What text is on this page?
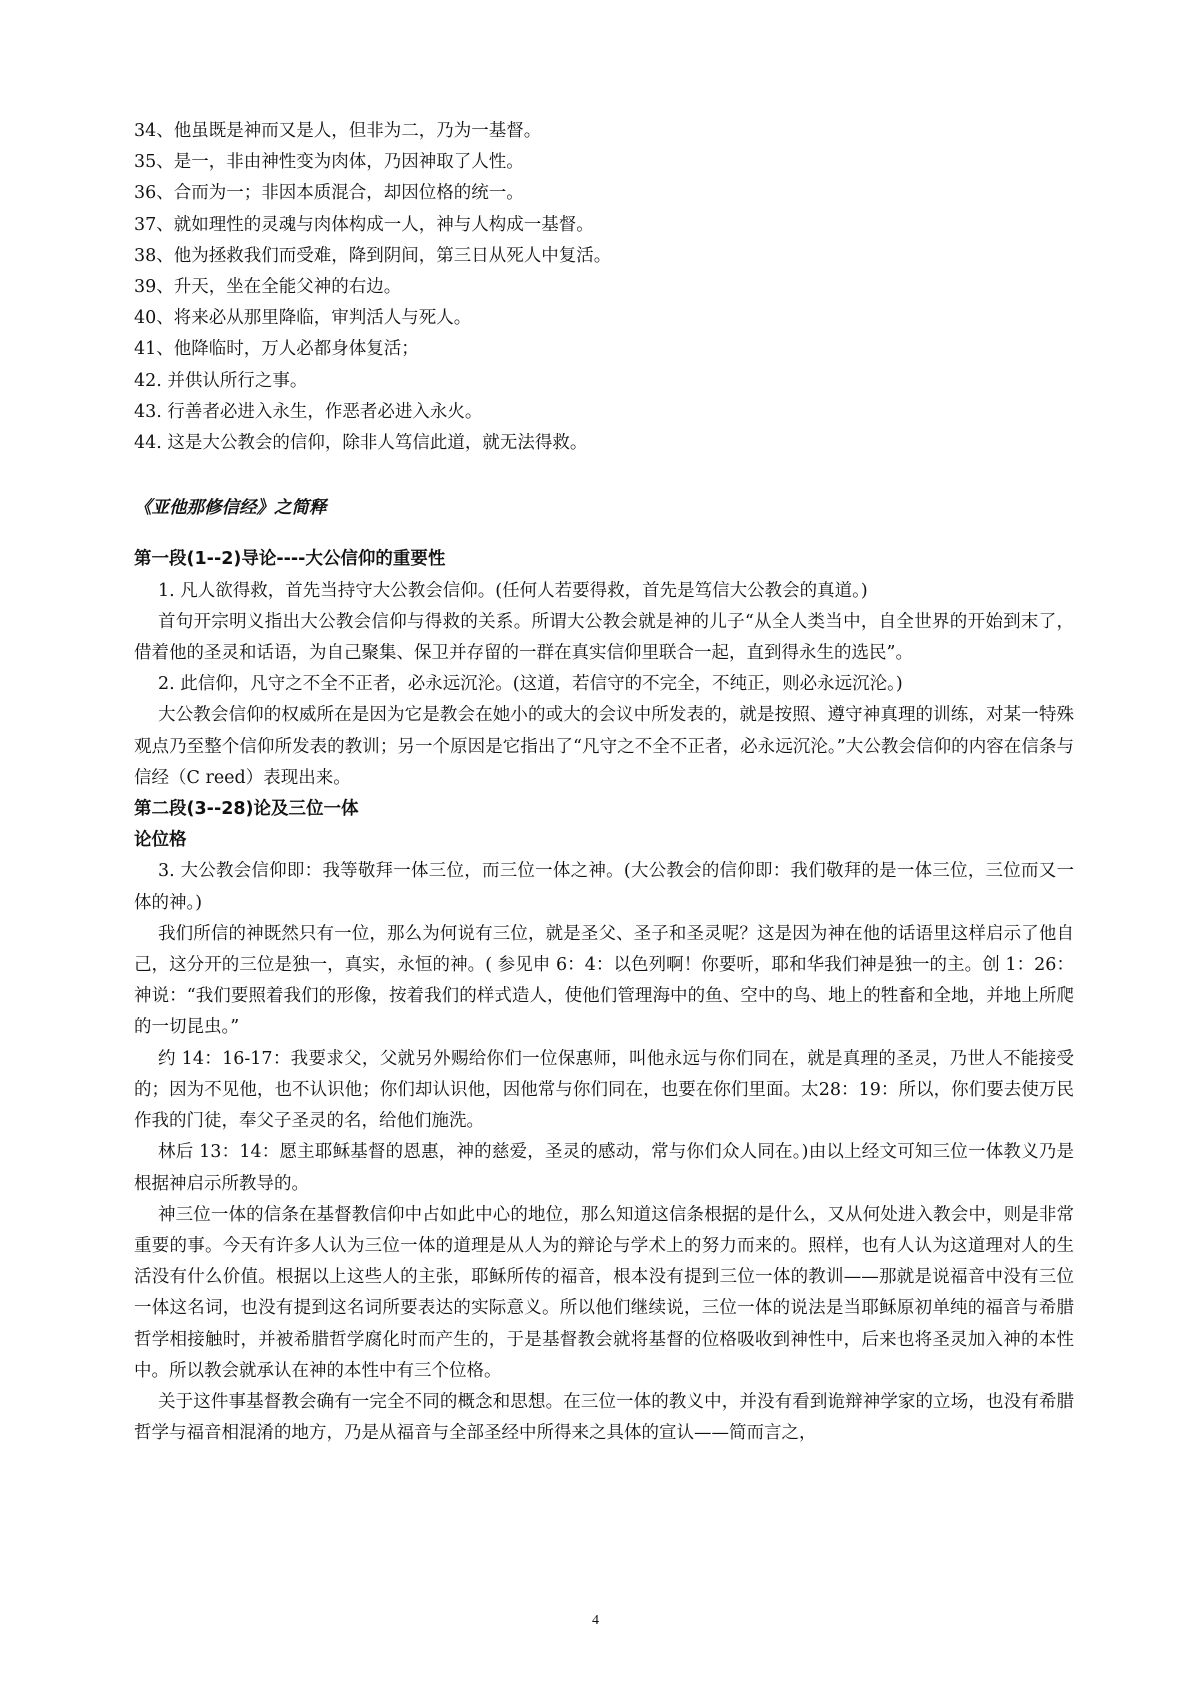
34、他虽既是神而又是人，但非为二，乃为一基督。

35、是一，非由神性变为肉体，乃因神取了人性。

36、合而为一；非因本质混合，却因位格的统一。

37、就如理性的灵魂与肉体构成一人，神与人构成一基督。

38、他为拯救我们而受难，降到阴间，第三日从死人中复活。

39、升天，坐在全能父神的右边。

40、将来必从那里降临，审判活人与死人。

41、他降临时，万人必都身体复活；

42. 并供认所行之事。

43. 行善者必进入永生，作恶者必进入永火。

44. 这是大公教会的信仰，除非人笃信此道，就无法得救。

《亚他那修信经》之简释

第一段(1--2)导论----大公信仰的重要性

1. 凡人欲得救，首先当持守大公教会信仰。(任何人若要得救，首先是笃信大公教会的真道。)

首句开宗明义指出大公教会信仰与得救的关系。所谓大公教会就是神的儿子“从全人类当中，自全世界的开始到末了，借着他的圣灵和话语，为自己聚集、保卫并存留的一群在真实信仰里联合一起，直到得永生的选民”。

2. 此信仰，凡守之不全不正者，必永远沉沦。(这道，若信守的不完全，不纯正，则必永远沉沦。)

大公教会信仰的权威所在是因为它是教会在她小的或大的会议中所发表的，就是按照、遵守神真理的训练，对某一特殊观点乃至整个信仰所发表的教训；另一个原因是它指出了“凡守之不全不正者，必永远沉沦。”大公教会信仰的内容在信条与信经（C reed）表现出来。

第二段(3--28)论及三位一体

论位格

3. 大公教会信仰即：我等敬拜一体三位，而三位一体之神。(大公教会的信仰即：我们敬拜的是一体三位，三位而又一体的神。)

我们所信的神既然只有一位，那么为何说有三位，就是圣父、圣子和圣灵呢？这是因为神在他的话语里这样启示了他自己，这分开的三位是独一，真实，永恒的神。( 参见申 6：4：以色列啊！你要听，耶和华我们神是独一的主。创 1：26：神说：“我们要照着我们的形像，按着我们的样式造人，使他们管理海中的鱼、空中的鸟、地上的牲畜和全地，并地上所爬的一切昆虫。”

约 14：16-17：我要求父，父就另外赐给你们一位保惠师，叫他永远与你们同在，就是真理的圣灵，乃世人不能接受的；因为不见他，也不认识他；你们却认识他，因他常与你们同在，也要在你们里面。太28：19：所以，你们要去使万民作我的门徒，奉父子圣灵的名，给他们施洗。

林后 13：14：愿主耶稣基督的恩惠，神的慈爱，圣灵的感动，常与你们众人同在。)由以上经文可知三位一体教义乃是根据神启示所教导的。

神三位一体的信条在基督教信仰中占如此中心的地位，那么知道这信条根据的是什么，又从何处进入教会中，则是非常重要的事。今天有许多人认为三位一体的道理是从人为的辩论与学术上的努力而来的。照样，也有人认为这道理对人的生活没有什么价值。根据以上这些人的主张，耶稣所传的福音，根本没有提到三位一体的教训——那就是说福音中没有三位一体这名词，也没有提到这名词所要表达的实际意义。所以他们继续说，三位一体的说法是当耶稣原初单纯的福音与希腊哲学相接触时，并被希腊哲学腐化时而产生的，于是基督教会就将基督的位格吸收到神性中，后来也将圣灵加入神的本性中。所以教会就承认在神的本性中有三个位格。

关于这件事基督教会确有一完全不同的概念和思想。在三位一体的教义中，并没有看到诡辩神学家的立场，也没有希腊哲学与福音相混淆的地方，乃是从福音与全部圣经中所得来之具体的宣认——简而言之，

4
